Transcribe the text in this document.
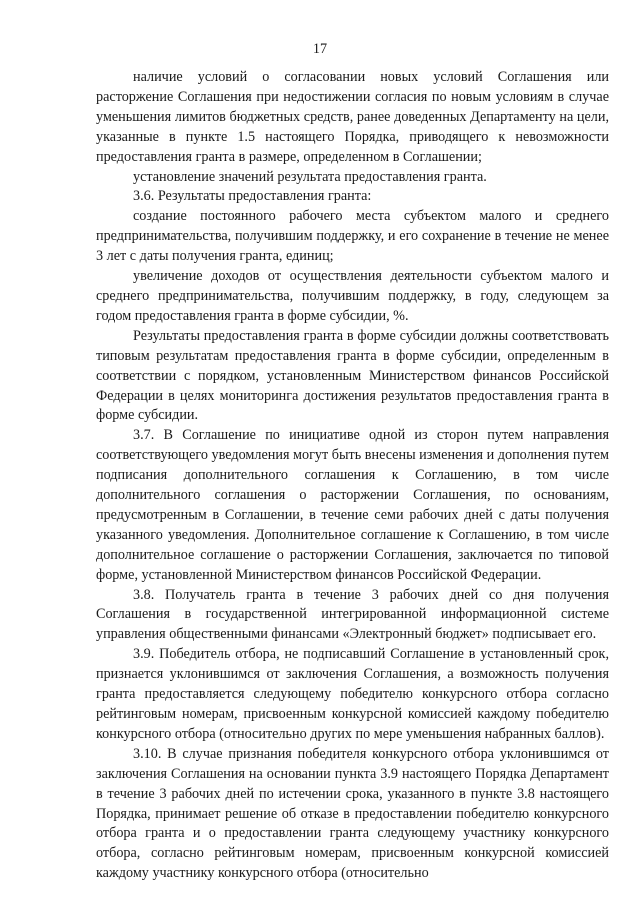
17

наличие условий о согласовании новых условий Соглашения или расторжение Соглашения при недостижении согласия по новым условиям в случае уменьшения лимитов бюджетных средств, ранее доведенных Департаменту на цели, указанные в пункте 1.5 настоящего Порядка, приводящего к невозможности предоставления гранта в размере, определенном в Соглашении;

установление значений результата предоставления гранта.

3.6. Результаты предоставления гранта:

создание постоянного рабочего места субъектом малого и среднего предпринимательства, получившим поддержку, и его сохранение в течение не менее 3 лет с даты получения гранта, единиц;

увеличение доходов от осуществления деятельности субъектом малого и среднего предпринимательства, получившим поддержку, в году, следующем за годом предоставления гранта в форме субсидии, %.

Результаты предоставления гранта в форме субсидии должны соответствовать типовым результатам предоставления гранта в форме субсидии, определенным в соответствии с порядком, установленным Министерством финансов Российской Федерации в целях мониторинга достижения результатов предоставления гранта в форме субсидии.

3.7. В Соглашение по инициативе одной из сторон путем направления соответствующего уведомления могут быть внесены изменения и дополнения путем подписания дополнительного соглашения к Соглашению, в том числе дополнительного соглашения о расторжении Соглашения, по основаниям, предусмотренным в Соглашении, в течение семи рабочих дней с даты получения указанного уведомления. Дополнительное соглашение к Соглашению, в том числе дополнительное соглашение о расторжении Соглашения, заключается по типовой форме, установленной Министерством финансов Российской Федерации.

3.8. Получатель гранта в течение 3 рабочих дней со дня получения Соглашения в государственной интегрированной информационной системе управления общественными финансами «Электронный бюджет» подписывает его.

3.9. Победитель отбора, не подписавший Соглашение в установленный срок, признается уклонившимся от заключения Соглашения, а возможность получения гранта предоставляется следующему победителю конкурсного отбора согласно рейтинговым номерам, присвоенным конкурсной комиссией каждому победителю конкурсного отбора (относительно других по мере уменьшения набранных баллов).

3.10. В случае признания победителя конкурсного отбора уклонившимся от заключения Соглашения на основании пункта 3.9 настоящего Порядка Департамент в течение 3 рабочих дней по истечении срока, указанного в пункте 3.8 настоящего Порядка, принимает решение об отказе в предоставлении победителю конкурсного отбора гранта и о предоставлении гранта следующему участнику конкурсного отбора, согласно рейтинговым номерам, присвоенным конкурсной комиссией каждому участнику конкурсного отбора (относительно
